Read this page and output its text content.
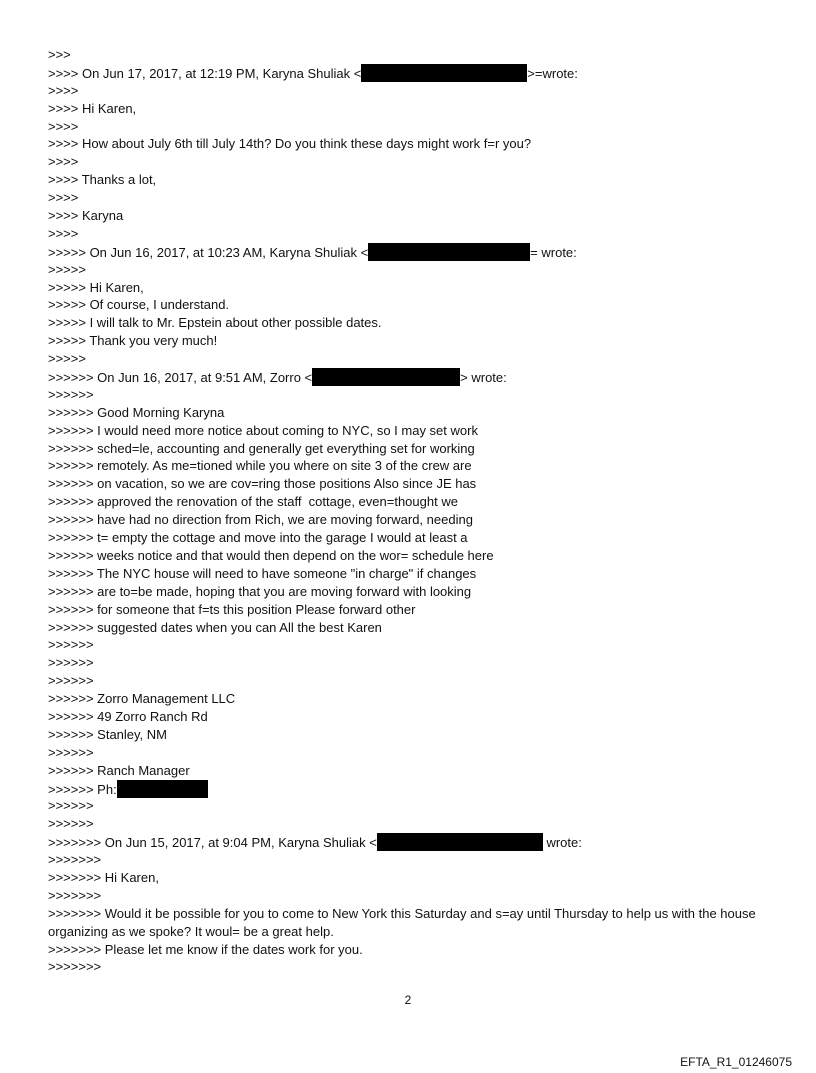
>>>
>>>> On Jun 17, 2017, at 12:19 PM, Karyna Shuliak <	>=wrote:
>>>>
>>>> Hi Karen,
>>>>
>>>> How about July 6th till July 14th? Do you think these days might work f=r you?
>>>>
>>>> Thanks a lot,
>>>>
>>>> Karyna
>>>>
>>>>> On Jun 16, 2017, at 10:23 AM, Karyna Shuliak <	= wrote:
>>>>>
>>>>> Hi Karen,
>>>>> Of course, I understand.
>>>>> I will talk to Mr. Epstein about other possible dates.
>>>>> Thank you very much!
>>>>>
>>>>>> On Jun 16, 2017, at 9:51 AM, Zorro <	> wrote:
>>>>>>
>>>>>> Good Morning Karyna
>>>>>> I would need more notice about coming to NYC, so I may set work
>>>>>> sched=le, accounting and generally get everything set for working
>>>>>> remotely. As me=tioned while you where on site 3 of the crew are
>>>>>> on vacation, so we are cov=ring those positions Also since JE has
>>>>>> approved the renovation of the staff  cottage, even=thought we
>>>>>> have had no direction from Rich, we are moving forward, needing
>>>>>> t= empty the cottage and move into the garage I would at least a
>>>>>> weeks notice and that would then depend on the wor= schedule here
>>>>>> The NYC house will need to have someone "in charge" if changes
>>>>>> are to=be made, hoping that you are moving forward with looking
>>>>>> for someone that f=ts this position Please forward other
>>>>>> suggested dates when you can All the best Karen
>>>>>>
>>>>>>
>>>>>>
>>>>>> Zorro Management LLC
>>>>>> 49 Zorro Ranch Rd
>>>>>> Stanley, NM
>>>>>>
>>>>>> Ranch Manager
>>>>>> Ph:
>>>>>>
>>>>>>
>>>>>>> On Jun 15, 2017, at 9:04 PM, Karyna Shuliak <	wrote:
>>>>>>>
>>>>>>> Hi Karen,
>>>>>>>
>>>>>>> Would it be possible for you to come to New York this Saturday and s=ay until Thursday to help us with the house organizing as we spoke? It woul= be a great help.
>>>>>>> Please let me know if the dates work for you.
>>>>>>>
2
EFTA_R1_01246075
